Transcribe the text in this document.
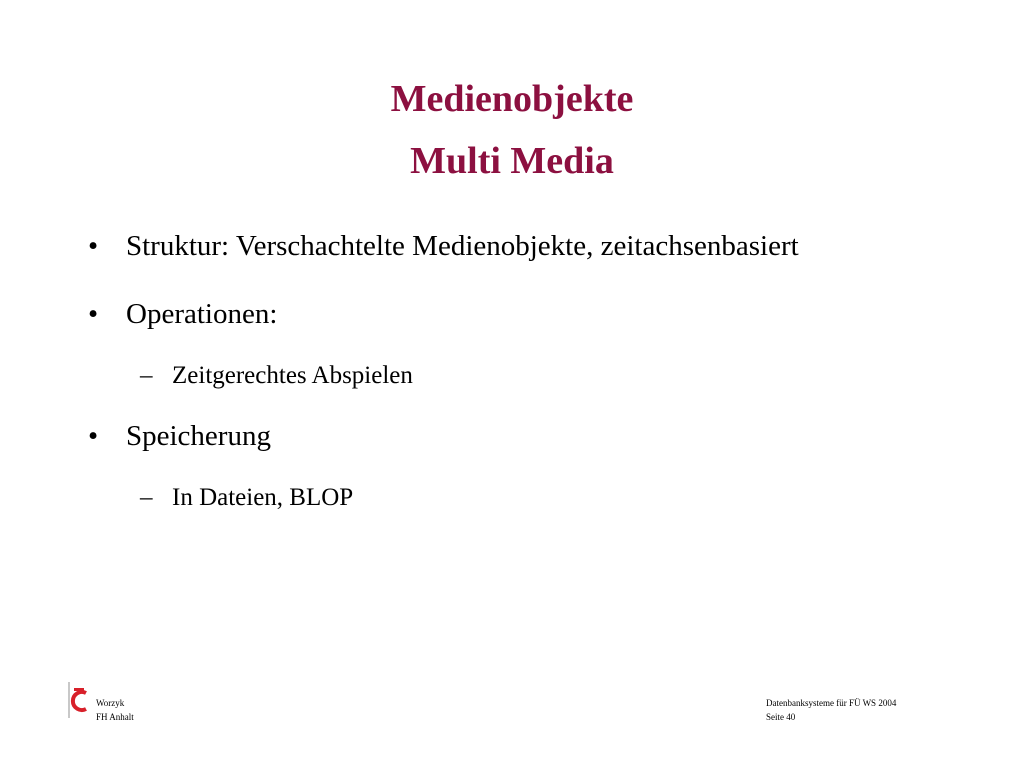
Medienobjekte
Multi Media
• Struktur: Verschachtelte Medienobjekte, zeitachsenbasiert
• Operationen:
– Zeitgerechtes Abspielen
• Speicherung
– In Dateien, BLOP
Worzyk
FH Anhalt
Datenbanksysteme für FÜ WS 2004
Seite 40
